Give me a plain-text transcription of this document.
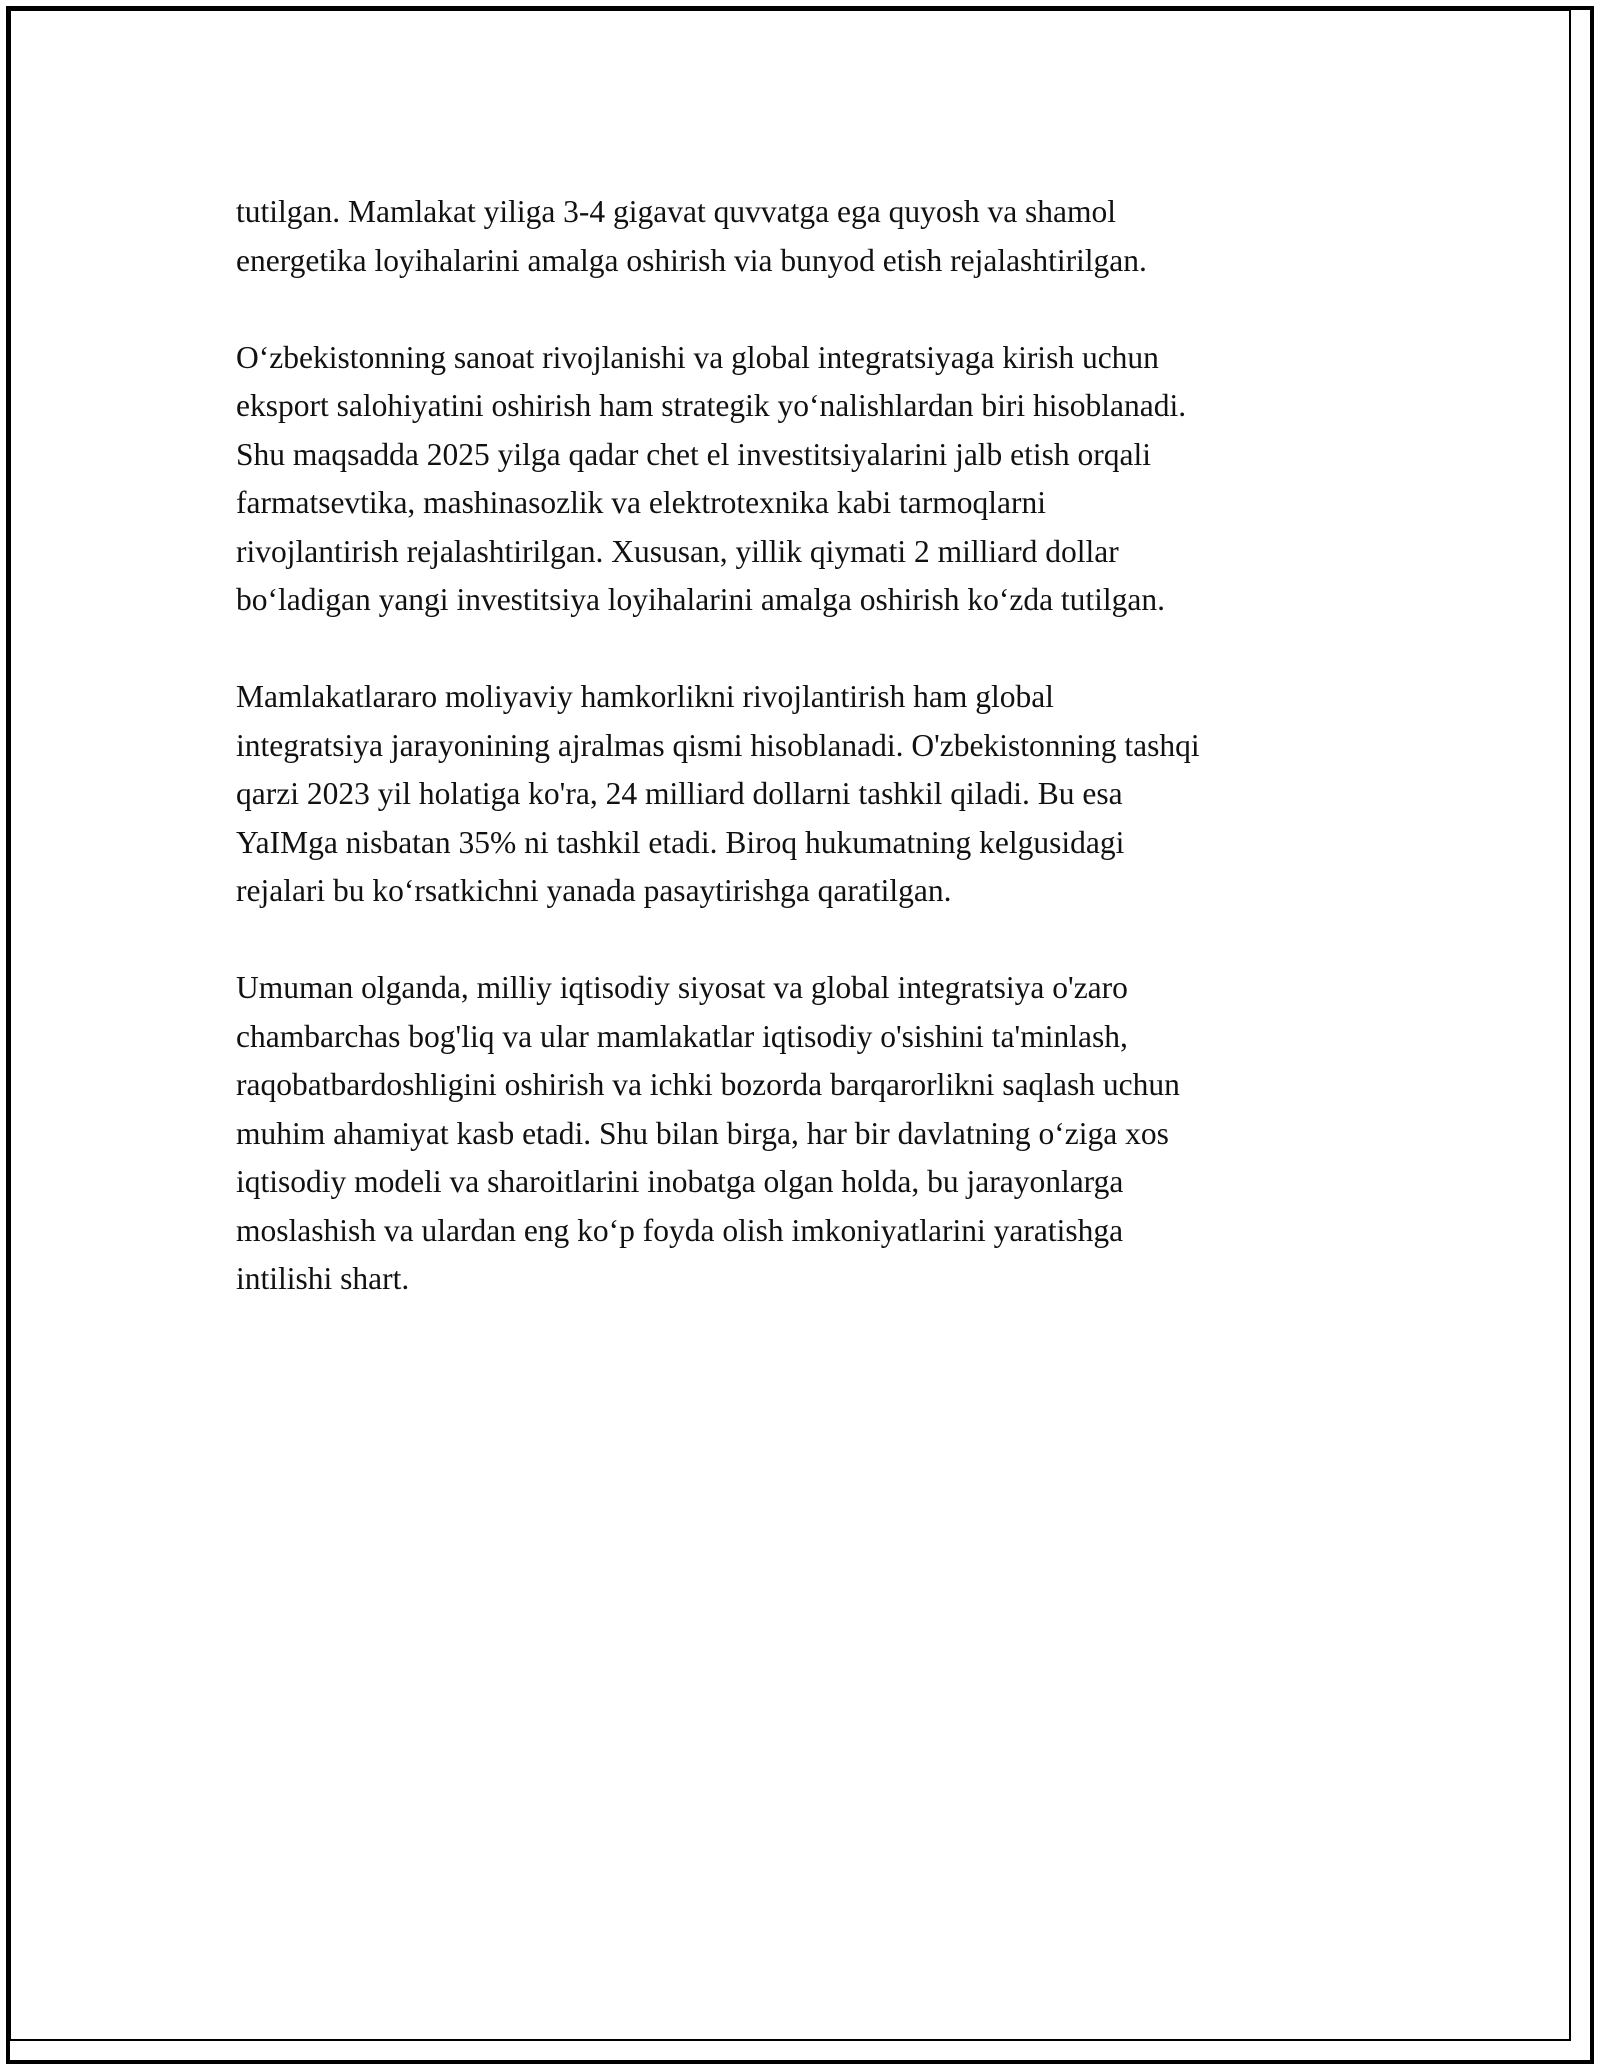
tutilgan. Mamlakat yiliga 3-4 gigavat quvvatga ega quyosh va shamol
energetika loyihalarini amalga oshirish via bunyod etish rejalashtirilgan.

O‘zbekistonning sanoat rivojlanishi va global integratsiyaga kirish uchun
eksport salohiyatini oshirish ham strategik yo‘nalishlardan biri hisoblanadi.
Shu maqsadda 2025 yilga qadar chet el investitsiyalarini jalb etish orqali
farmatsevtika, mashinasozlik va elektrotexnika kabi tarmoqlarni
rivojlantirish rejalashtirilgan. Xususan, yillik qiymati 2 milliard dollar
bo‘ladigan yangi investitsiya loyihalarini amalga oshirish ko‘zda tutilgan.

Mamlakatlararo moliyaviy hamkorlikni rivojlantirish ham global
integratsiya jarayonining ajralmas qismi hisoblanadi. O'zbekistonning tashqi
qarzi 2023 yil holatiga ko'ra, 24 milliard dollarni tashkil qiladi. Bu esa
YaIMga nisbatan 35% ni tashkil etadi. Biroq hukumatning kelgusidagi
rejalari bu ko‘rsatkichni yanada pasaytirishga qaratilgan.

Umuman olganda, milliy iqtisodiy siyosat va global integratsiya o'zaro
chambarchas bog'liq va ular mamlakatlar iqtisodiy o'sishini ta'minlash,
raqobatbardoshligini oshirish va ichki bozorda barqarorlikni saqlash uchun
muhim ahamiyat kasb etadi. Shu bilan birga, har bir davlatning o‘ziga xos
iqtisodiy modeli va sharoitlarini inobatga olgan holda, bu jarayonlarga
moslashish va ulardan eng ko‘p foyda olish imkoniyatlarini yaratishga
intilishi shart.
